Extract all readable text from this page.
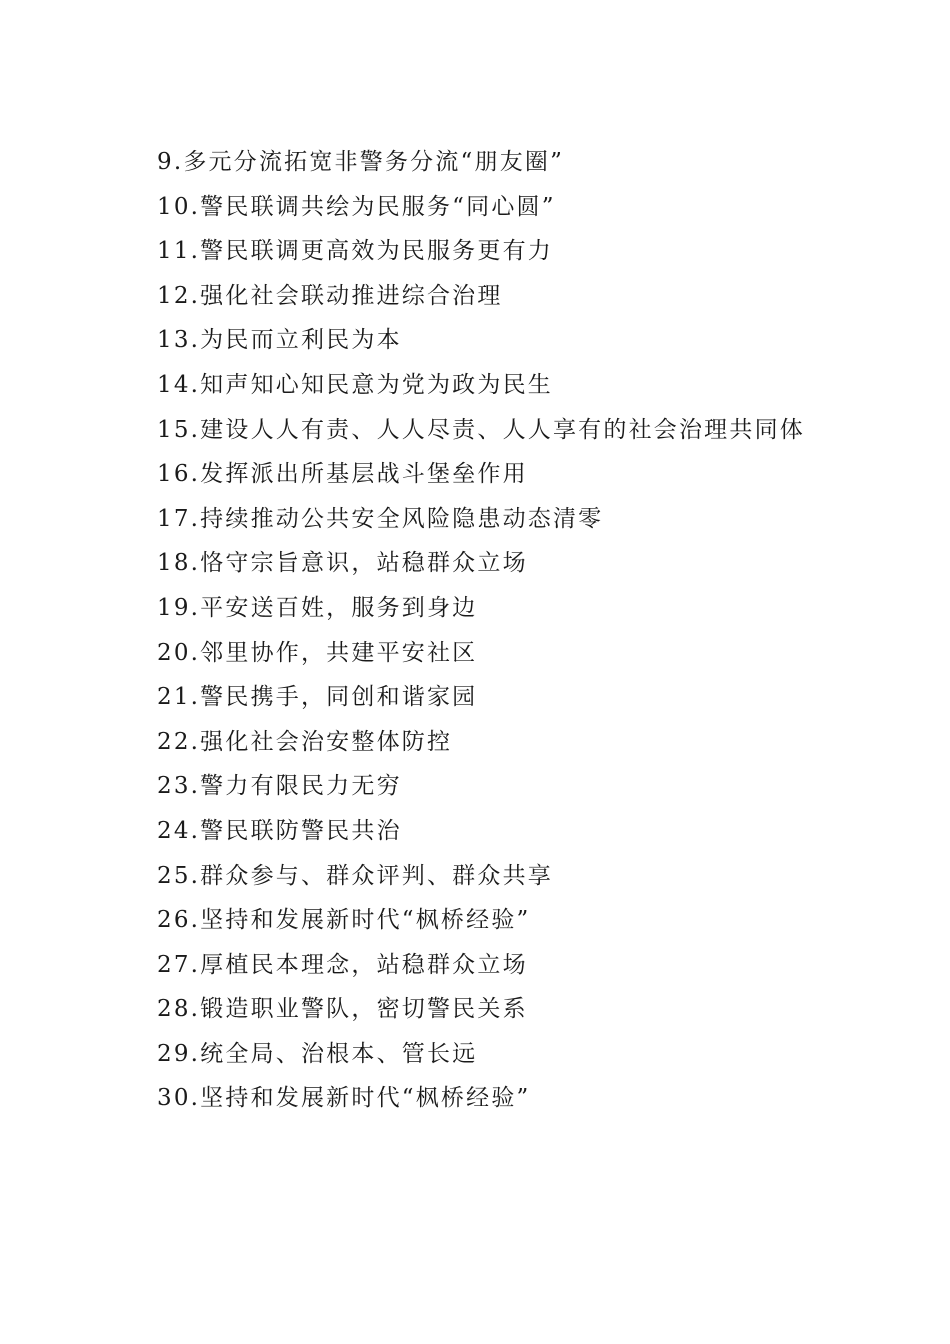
9.多元分流拓宽非警务分流“朋友圈”
10.警民联调共绘为民服务“同心圆”
11.警民联调更高效为民服务更有力
12.强化社会联动推进综合治理
13.为民而立利民为本
14.知声知心知民意为党为政为民生
15.建设人人有责、人人尽责、人人享有的社会治理共同体
16.发挥派出所基层战斗堡垒作用
17.持续推动公共安全风险隐患动态清零
18.恪守宗旨意识，站稳群众立场
19.平安送百姓，服务到身边
20.邻里协作，共建平安社区
21.警民携手，同创和谐家园
22.强化社会治安整体防控
23.警力有限民力无穷
24.警民联防警民共治
25.群众参与、群众评判、群众共享
26.坚持和发展新时代“枫桥经验”
27.厚植民本理念，站稳群众立场
28.锻造职业警队，密切警民关系
29.统全局、治根本、管长远
30.坚持和发展新时代“枫桥经验”
